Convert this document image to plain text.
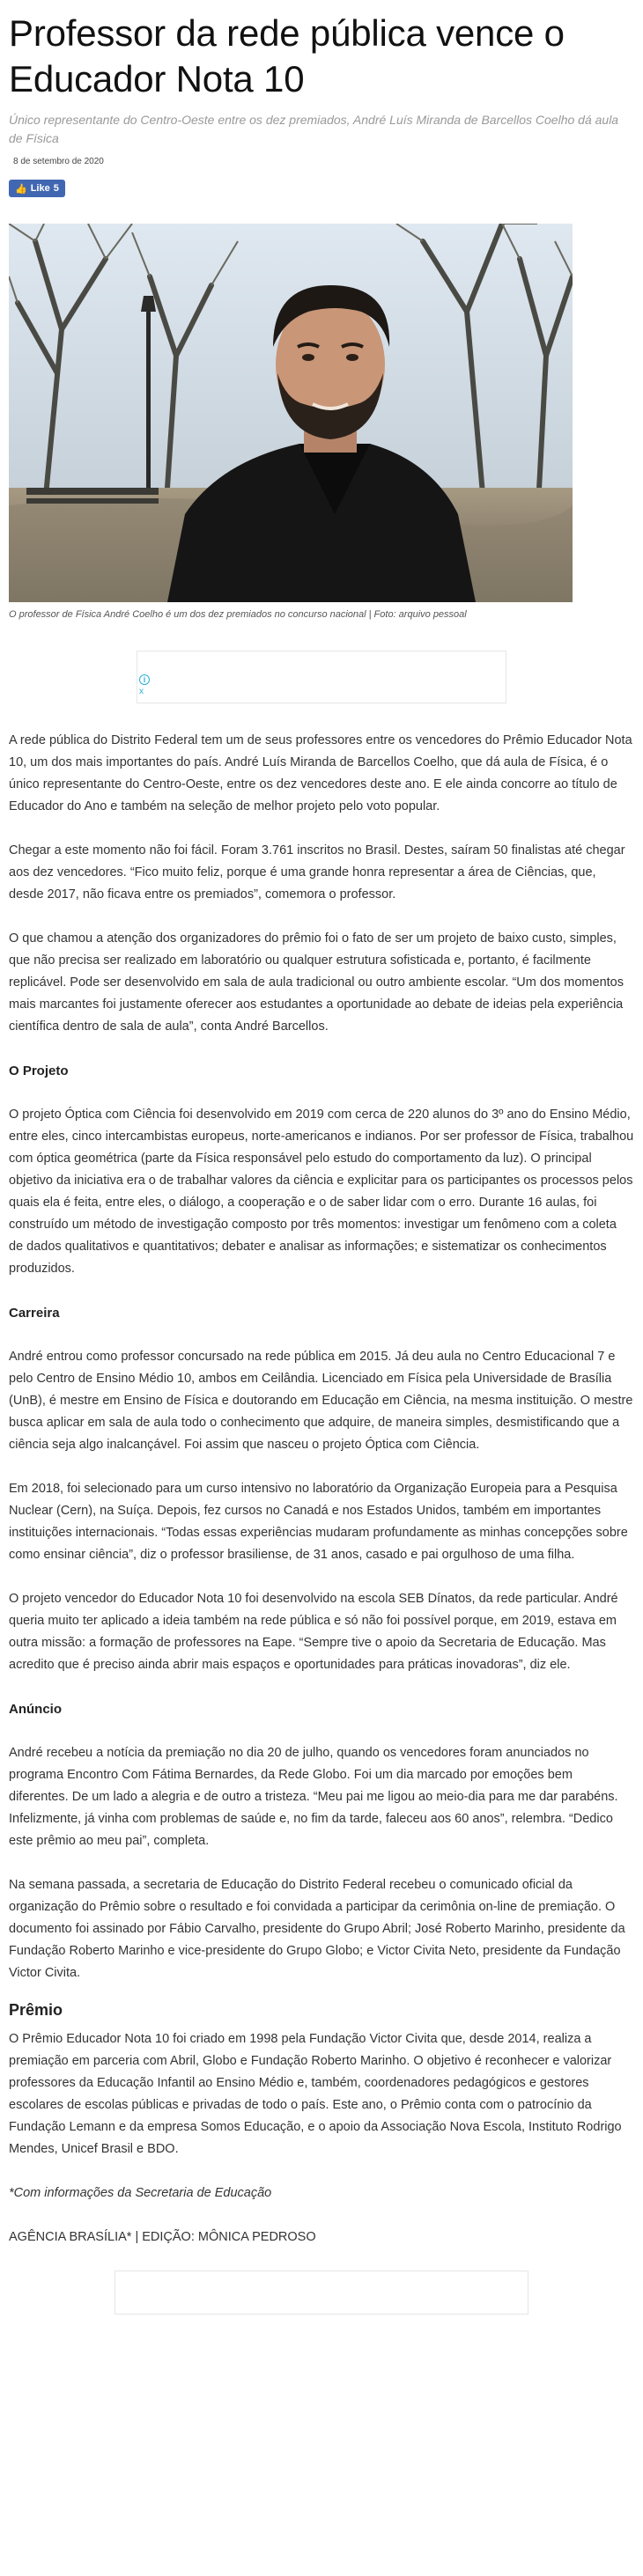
Professor da rede pública vence o Educador Nota 10
Único representante do Centro-Oeste entre os dez premiados, André Luís Miranda de Barcellos Coelho dá aula de Física
8 de setembro de 2020
👍 Like 5
O professor de Física André Coelho é um dos dez premiados no concurso nacional | Foto: arquivo pessoal
i
x

A rede pública do Distrito Federal tem um de seus professores entre os vencedores do Prêmio Educador Nota 10, um dos mais importantes do país. André Luís Miranda de Barcellos Coelho, que dá aula de Física, é o único representante do Centro-Oeste, entre os dez vencedores deste ano. E ele ainda concorre ao título de Educador do Ano e também na seleção de melhor projeto pelo voto popular.

Chegar a este momento não foi fácil. Foram 3.761 inscritos no Brasil. Destes, saíram 50 finalistas até chegar aos dez vencedores. “Fico muito feliz, porque é uma grande honra representar a área de Ciências, que, desde 2017, não ficava entre os premiados”, comemora o professor.

O que chamou a atenção dos organizadores do prêmio foi o fato de ser um projeto de baixo custo, simples, que não precisa ser realizado em laboratório ou qualquer estrutura sofisticada e, portanto, é facilmente replicável. Pode ser desenvolvido em sala de aula tradicional ou outro ambiente escolar. “Um dos momentos mais marcantes foi justamente oferecer aos estudantes a oportunidade ao debate de ideias pela experiência científica dentro de sala de aula”, conta André Barcellos.

O Projeto

O projeto Óptica com Ciência foi desenvolvido em 2019 com cerca de 220 alunos do 3º ano do Ensino Médio, entre eles, cinco intercambistas europeus, norte-americanos e indianos. Por ser professor de Física, trabalhou com óptica geométrica (parte da Física responsável pelo estudo do comportamento da luz). O principal objetivo da iniciativa era o de trabalhar valores da ciência e explicitar para os participantes os processos pelos quais ela é feita, entre eles, o diálogo, a cooperação e o de saber lidar com o erro. Durante 16 aulas, foi construído um método de investigação composto por três momentos: investigar um fenômeno com a coleta de dados qualitativos e quantitativos; debater e analisar as informações; e sistematizar os conhecimentos produzidos.

Carreira

André entrou como professor concursado na rede pública em 2015. Já deu aula no Centro Educacional 7 e pelo Centro de Ensino Médio 10, ambos em Ceilândia. Licenciado em Física pela Universidade de Brasília (UnB), é mestre em Ensino de Física e doutorando em Educação em Ciência, na mesma instituição. O mestre busca aplicar em sala de aula todo o conhecimento que adquire, de maneira simples, desmistificando que a ciência seja algo inalcançável. Foi assim que nasceu o projeto Óptica com Ciência.

Em 2018, foi selecionado para um curso intensivo no laboratório da Organização Europeia para a Pesquisa Nuclear (Cern), na Suíça. Depois, fez cursos no Canadá e nos Estados Unidos, também em importantes instituições internacionais. “Todas essas experiências mudaram profundamente as minhas concepções sobre como ensinar ciência”, diz o professor brasiliense, de 31 anos, casado e pai orgulhoso de uma filha.

O projeto vencedor do Educador Nota 10 foi desenvolvido na escola SEB Dínatos, da rede particular. André queria muito ter aplicado a ideia também na rede pública e só não foi possível porque, em 2019, estava em outra missão: a formação de professores na Eape. “Sempre tive o apoio da Secretaria de Educação. Mas acredito que é preciso ainda abrir mais espaços e oportunidades para práticas inovadoras”, diz ele.

Anúncio

André recebeu a notícia da premiação no dia 20 de julho, quando os vencedores foram anunciados no programa Encontro Com Fátima Bernardes, da Rede Globo. Foi um dia marcado por emoções bem diferentes. De um lado a alegria e de outro a tristeza. “Meu pai me ligou ao meio-dia para me dar parabéns. Infelizmente, já vinha com problemas de saúde e, no fim da tarde, faleceu aos 60 anos”, relembra. “Dedico este prêmio ao meu pai”, completa.

Na semana passada, a secretaria de Educação do Distrito Federal recebeu o comunicado oficial da organização do Prêmio sobre o resultado e foi convidada a participar da cerimônia on-line de premiação. O documento foi assinado por Fábio Carvalho, presidente do Grupo Abril; José Roberto Marinho, presidente da Fundação Roberto Marinho e vice-presidente do Grupo Globo; e Victor Civita Neto, presidente da Fundação Victor Civita.

Prêmio

O Prêmio Educador Nota 10 foi criado em 1998 pela Fundação Victor Civita que, desde 2014, realiza a premiação em parceria com Abril, Globo e Fundação Roberto Marinho. O objetivo é reconhecer e valorizar professores da Educação Infantil ao Ensino Médio e, também, coordenadores pedagógicos e gestores escolares de escolas públicas e privadas de todo o país. Este ano, o Prêmio conta com o patrocínio da Fundação Lemann e da empresa Somos Educação, e o apoio da Associação Nova Escola, Instituto Rodrigo Mendes, Unicef Brasil e BDO.

*Com informações da Secretaria de Educação

AGÊNCIA BRASÍLIA* | EDIÇÃO: MÔNICA PEDROSO
